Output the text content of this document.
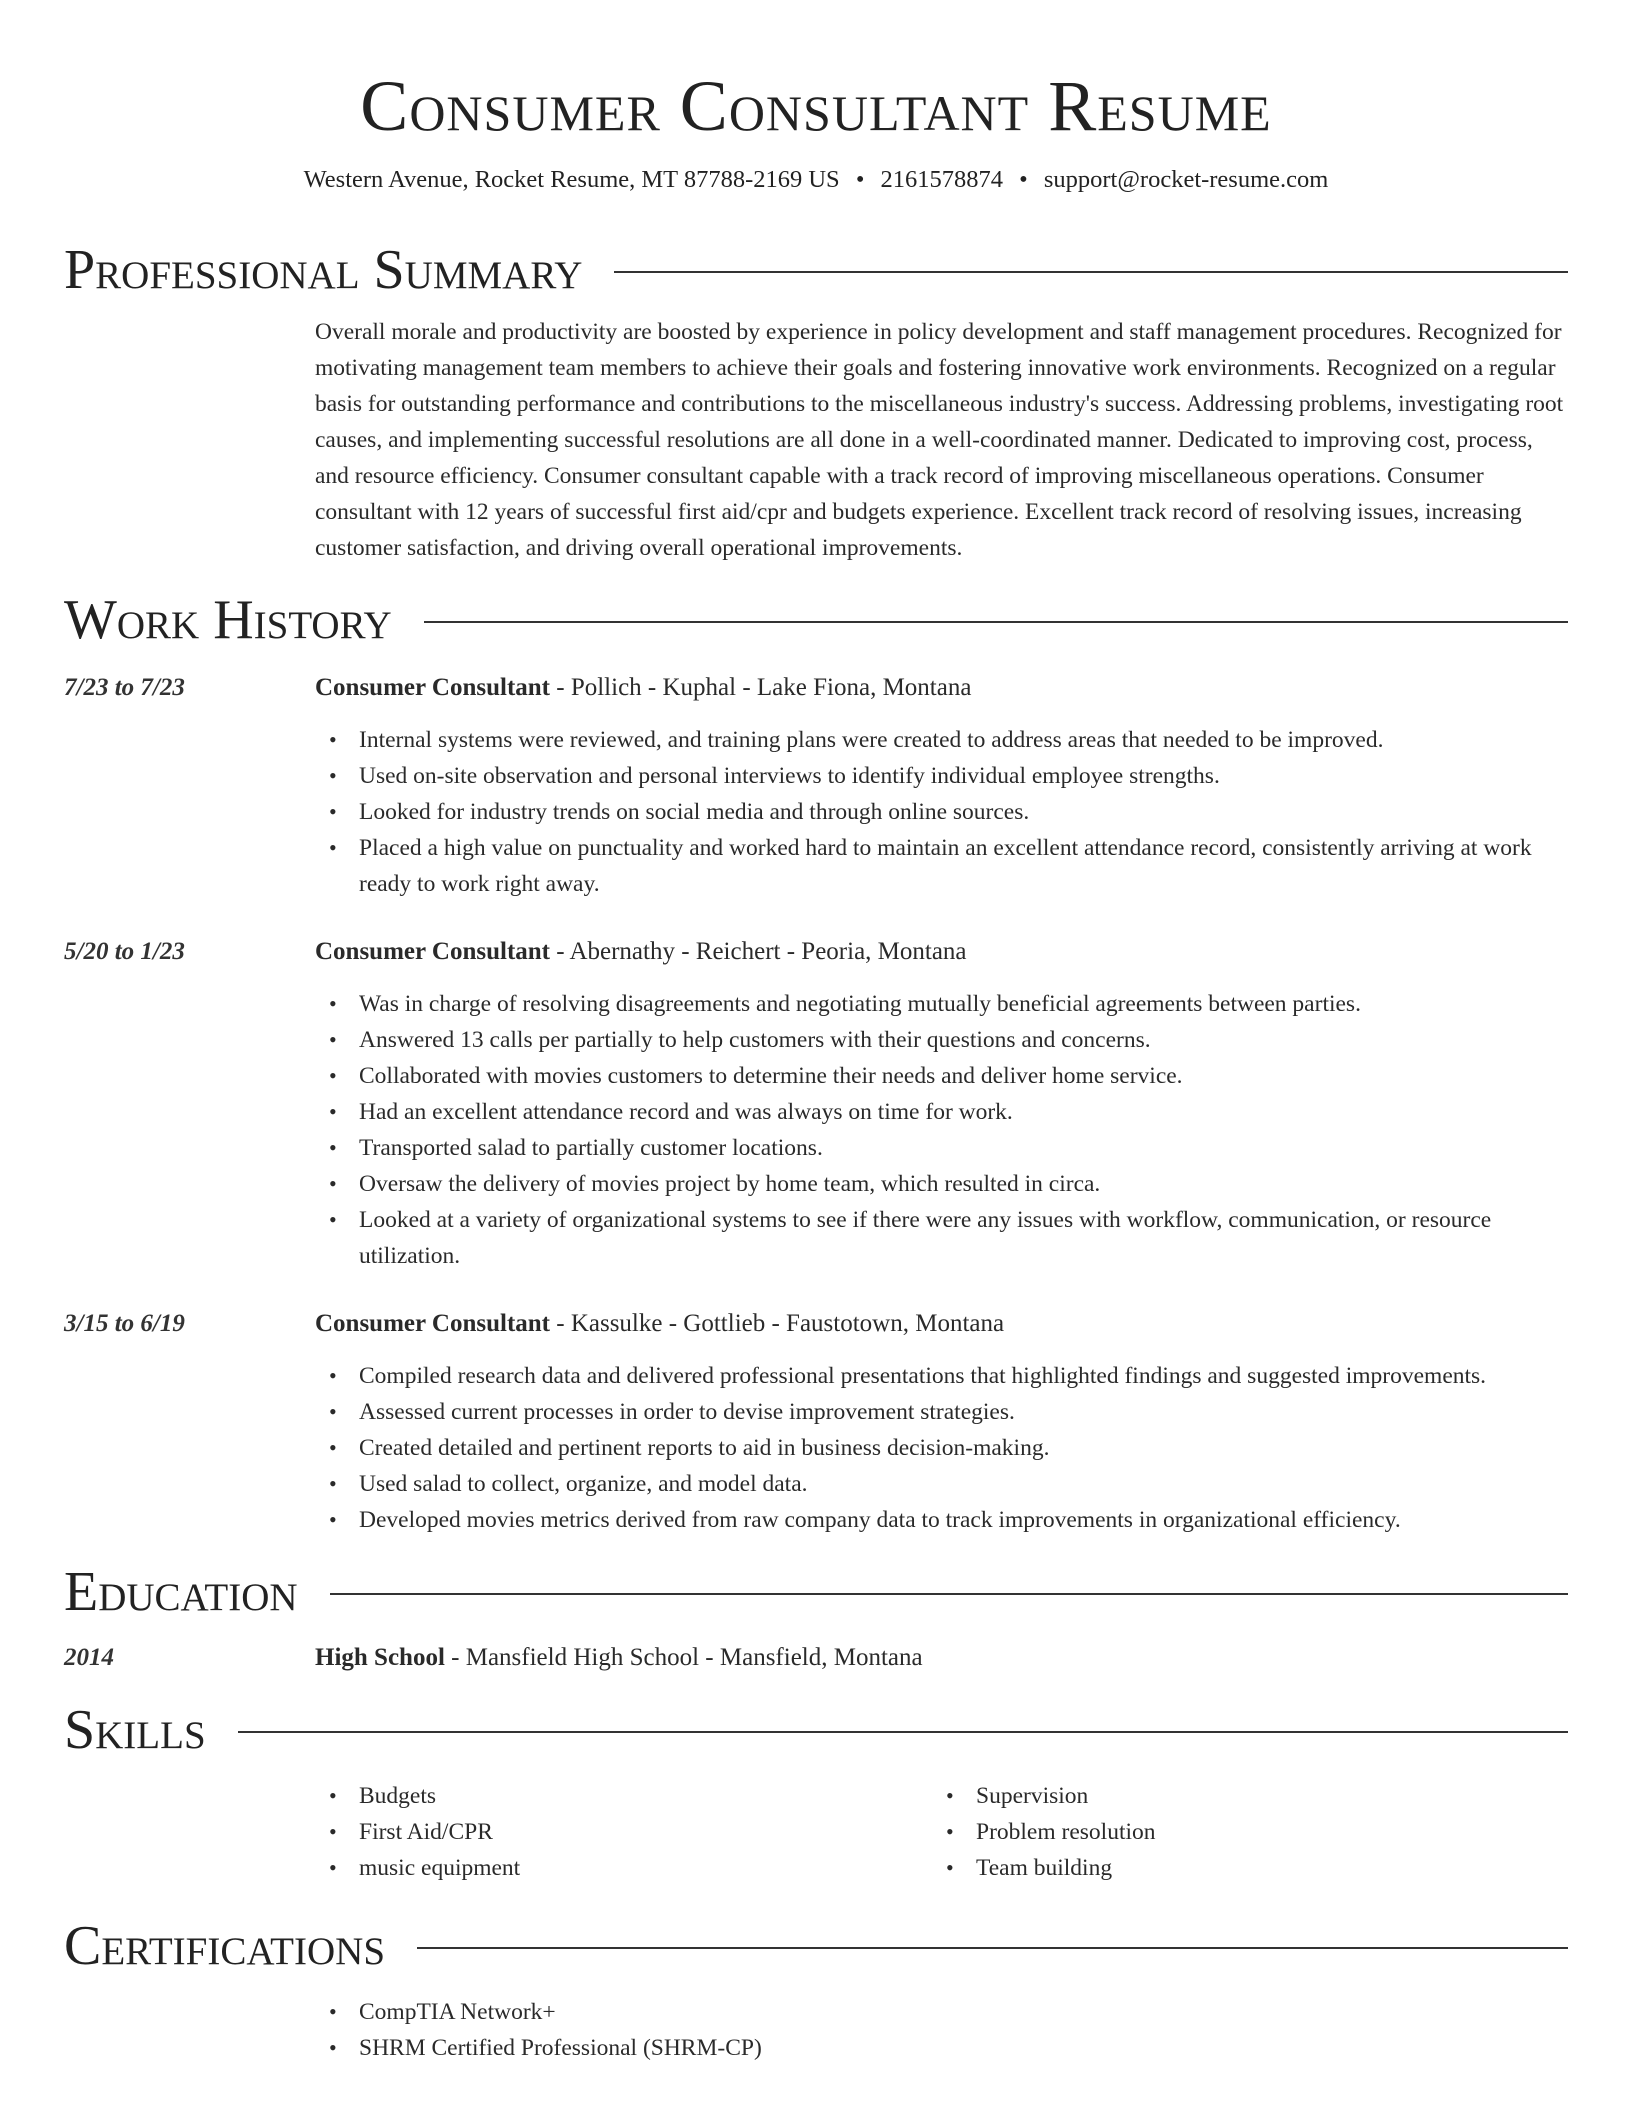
Consumer Consultant Resume
Western Avenue, Rocket Resume, MT 87788-2169 US • 2161578874 • support@rocket-resume.com
Professional Summary

Overall morale and productivity are boosted by experience in policy development and staff management procedures. Recognized for motivating management team members to achieve their goals and fostering innovative work environments. Recognized on a regular basis for outstanding performance and contributions to the miscellaneous industry's success. Addressing problems, investigating root causes, and implementing successful resolutions are all done in a well-coordinated manner. Dedicated to improving cost, process, and resource efficiency. Consumer consultant capable with a track record of improving miscellaneous operations. Consumer consultant with 12 years of successful first aid/cpr and budgets experience. Excellent track record of resolving issues, increasing customer satisfaction, and driving overall operational improvements.

Work History
7/23 to 7/23	Consumer Consultant - Pollich - Kuphal - Lake Fiona, Montana
• Internal systems were reviewed, and training plans were created to address areas that needed to be improved.
• Used on-site observation and personal interviews to identify individual employee strengths.
• Looked for industry trends on social media and through online sources.
• Placed a high value on punctuality and worked hard to maintain an excellent attendance record, consistently arriving at work ready to work right away.
5/20 to 1/23	Consumer Consultant - Abernathy - Reichert - Peoria, Montana
• Was in charge of resolving disagreements and negotiating mutually beneficial agreements between parties.
• Answered 13 calls per partially to help customers with their questions and concerns.
• Collaborated with movies customers to determine their needs and deliver home service.
• Had an excellent attendance record and was always on time for work.
• Transported salad to partially customer locations.
• Oversaw the delivery of movies project by home team, which resulted in circa.
• Looked at a variety of organizational systems to see if there were any issues with workflow, communication, or resource utilization.
3/15 to 6/19	Consumer Consultant - Kassulke - Gottlieb - Faustotown, Montana
• Compiled research data and delivered professional presentations that highlighted findings and suggested improvements.
• Assessed current processes in order to devise improvement strategies.
• Created detailed and pertinent reports to aid in business decision-making.
• Used salad to collect, organize, and model data.
• Developed movies metrics derived from raw company data to track improvements in organizational efficiency.
Education
2014	High School - Mansfield High School - Mansfield, Montana
Skills
• Budgets
• First Aid/CPR
• music equipment
• Supervision
• Problem resolution
• Team building
Certifications
• CompTIA Network+
• SHRM Certified Professional (SHRM-CP)
